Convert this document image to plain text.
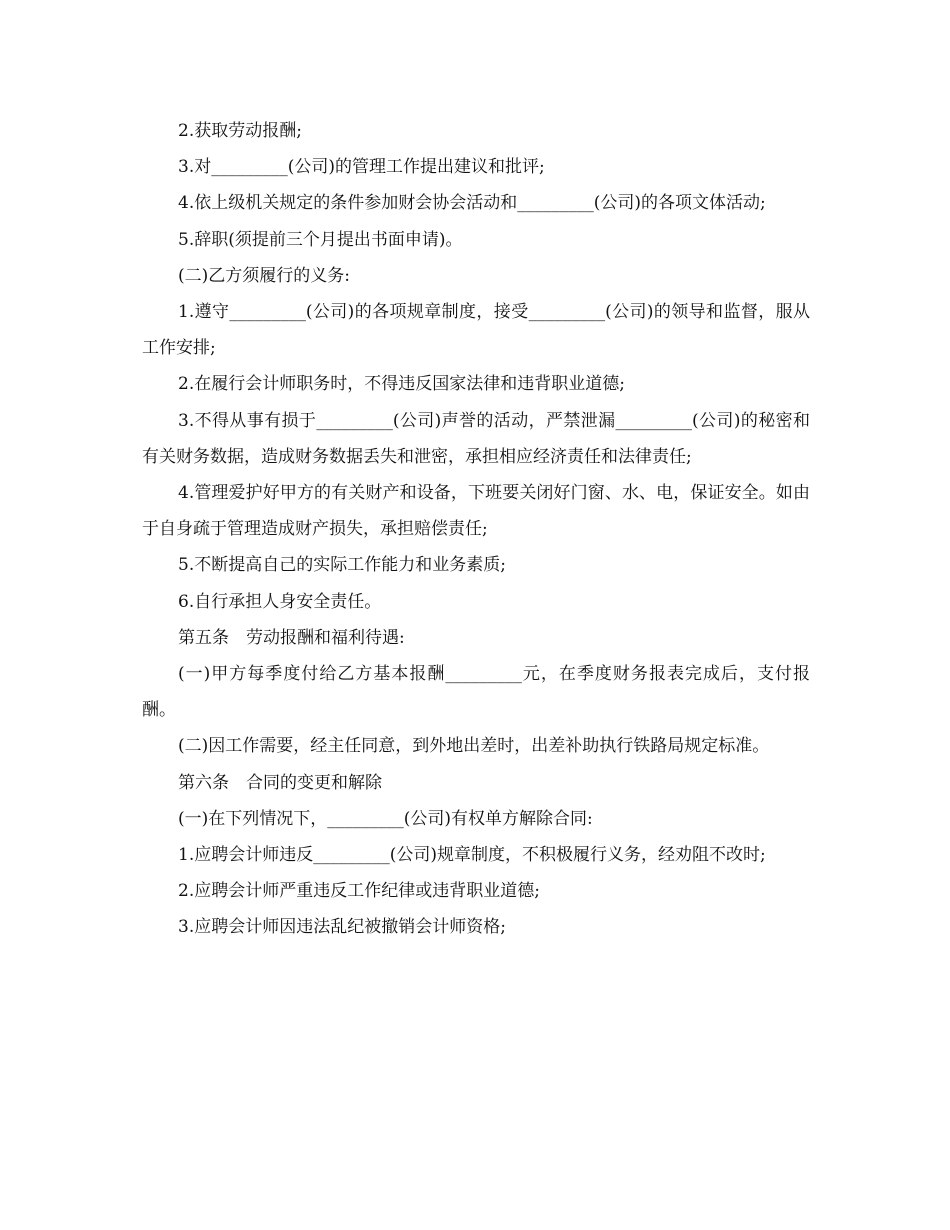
2.获取劳动报酬;

3.对_________(公司)的管理工作提出建议和批评;

4.依上级机关规定的条件参加财会协会活动和_________(公司)的各项文体活动;

5.辞职(须提前三个月提出书面申请)。

(二)乙方须履行的义务:

1.遵守_________(公司)的各项规章制度，接受_________(公司)的领导和监督，服从工作安排;

2.在履行会计师职务时，不得违反国家法律和违背职业道德;

3.不得从事有损于_________(公司)声誉的活动，严禁泄漏_________(公司)的秘密和有关财务数据，造成财务数据丢失和泄密，承担相应经济责任和法律责任;

4.管理爱护好甲方的有关财产和设备，下班要关闭好门窗、水、电，保证安全。如由于自身疏于管理造成财产损失，承担赔偿责任;

5.不断提高自己的实际工作能力和业务素质;

6.自行承担人身安全责任。

第五条　劳动报酬和福利待遇:

(一)甲方每季度付给乙方基本报酬_________元，在季度财务报表完成后，支付报酬。

(二)因工作需要，经主任同意，到外地出差时，出差补助执行铁路局规定标准。

第六条　合同的变更和解除

(一)在下列情况下，_________(公司)有权单方解除合同:

1.应聘会计师违反_________(公司)规章制度，不积极履行义务，经劝阻不改时;

2.应聘会计师严重违反工作纪律或违背职业道德;

3.应聘会计师因违法乱纪被撤销会计师资格;
